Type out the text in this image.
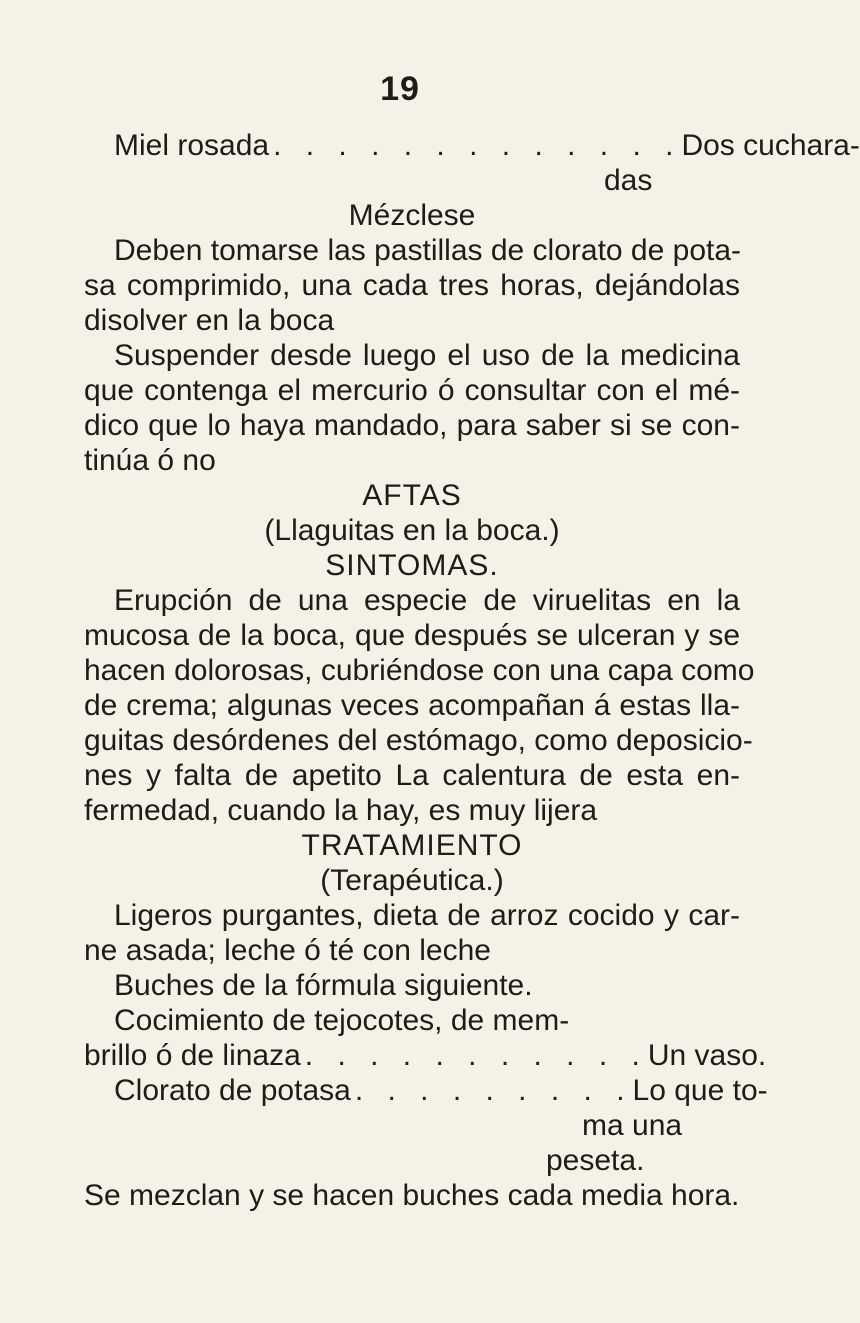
19
Miel rosada . . . . . . . . . . . . . Dos cuchara-
das
Mézclese
Deben tomarse las pastillas de clorato de pota-
sa comprimido, una cada tres horas, dejándolas
disolver en la boca
Suspender desde luego el uso de la medicina
que contenga el mercurio ó consultar con el mé-
dico que lo haya mandado, para saber si se con-
tinúa ó no
AFTAS
(Llaguitas en la boca.)
SINTOMAS.
Erupción de una especie de viruelitas en la
mucosa de la boca, que después se ulceran y se
hacen dolorosas, cubriéndose con una capa como
de crema; algunas veces acompañan á estas lla-
guitas desórdenes del estómago, como deposicio-
nes y falta de apetito La calentura de esta en-
fermedad, cuando la hay, es muy lijera
TRATAMIENTO
(Terapéutica.)
Ligeros purgantes, dieta de arroz cocido y car-
ne asada; leche ó té con leche
Buches de la fórmula siguiente.
Cocimiento de tejocotes, de mem-
brillo ó de linaza . . . . . . . . . . . Un vaso.
Clorato de potasa . . . . . . . . . Lo que to-
ma una
peseta.
Se mezclan y se hacen buches cada media hora.
